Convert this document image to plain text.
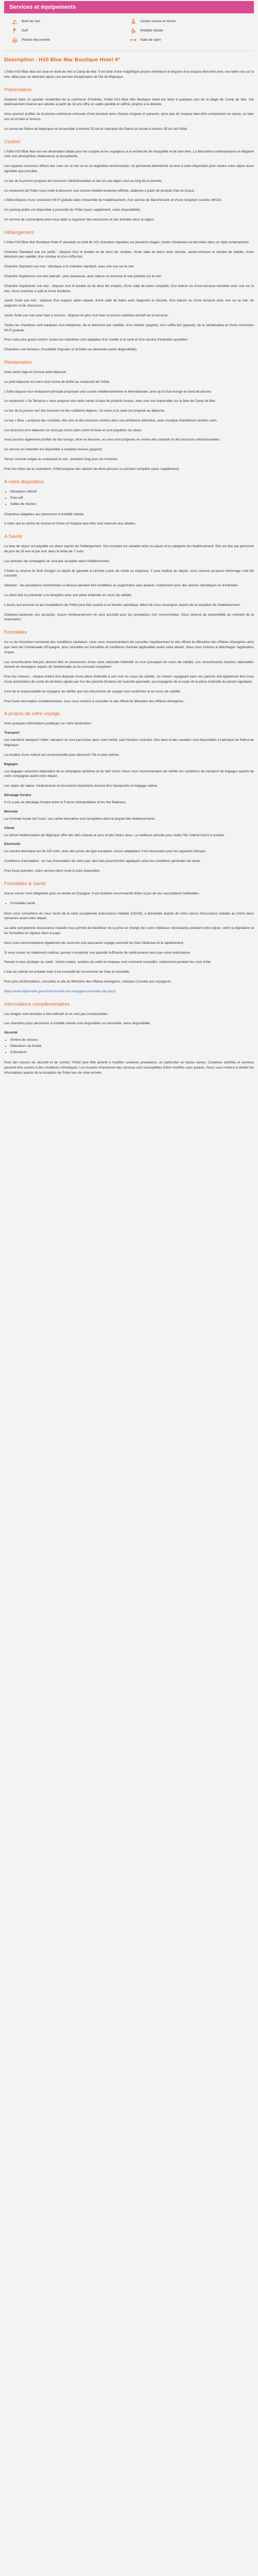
Services et équipements
Bord de mer	Centre remise en forme
Golf	Mobilité réduite
Piscine découverte	Salle de sport
Description - H10 Blue Mar Boutique Hotel 4*

L'hôtel H10 Blue Mar est situé en bord de mer à Camp de Mar. Il est doté d'une magnifique piscine extérieure et dispose d'un espace bien-être avec une belle vue sur la mer, idéal pour se détendre après une journée d'exploration de l'île de Majorque.

Présentation

Implanté dans un quartier résidentiel de la commune d'Andratx, l'hôtel H10 Blue Mar Boutique Hotel est situé à quelques pas de la plage de Camp de Mar. Cet établissement réservé aux adultes à partir de 18 ans offre un cadre paisible et raffiné, propice à la détente.

Vous pourrez profiter de la piscine extérieure entourée d'une terrasse avec chaises longues et parasols, ainsi que de l'espace bien-être comprenant un sauna, un bain turc et un bain à remous.

Le centre de Palma de Majorque est accessible à environ 25 km et l'aéroport de Palma se trouve à environ 35 km de l'hôtel.

Confort

L'hôtel H10 Blue Mar est une destination idéale pour les couples et les voyageurs à la recherche de tranquillité et de bien-être. La décoration contemporaine et élégante crée une atmosphère chaleureuse et accueillante.

Les espaces communs offrent des vues sur la mer et sur la végétation environnante. Un personnel attentionné se tient à votre disposition pour rendre votre séjour aussi agréable que possible.

Le bar de la piscine propose des boissons rafraîchissantes et des en-cas légers tout au long de la journée.

Le restaurant de l'hôtel vous invite à découvrir une cuisine méditerranéenne raffinée, élaborée à partir de produits frais et locaux.

L'hôtel dispose d'une connexion Wi-Fi gratuite dans l'ensemble de l'établissement, d'un service de blanchisserie et d'une réception ouverte 24h/24.

Un parking public est disponible à proximité de l'hôtel (avec supplément, selon disponibilité).

Un service de conciergerie peut vous aider à organiser des excursions et des activités dans la région.

Hébergement

L'hôtel H10 Blue Mar Boutique Hotel 4* possède un total de 101 chambres réparties sur plusieurs étages, toutes climatisées et décorées dans un style contemporain.

Chambre Standard vue sur jardin : dispose d'un lit double ou de deux lits simples, d'une salle de bains avec douche, sèche-cheveux et articles de toilette, d'une télévision par satellite, d'un minibar et d'un coffre-fort.

Chambre Standard vue mer : identique à la chambre standard, avec une vue sur la mer.

Chambre Supérieure vue mer latérale : plus spacieuse, avec balcon ou terrasse et vue partielle sur la mer.

Chambre Supérieure vue mer : dispose d'un lit double ou de deux lits simples, d'une salle de bains complète, d'un balcon ou d'une terrasse meublée avec vue sur la mer, d'une machine à café et d'une bouilloire.

Junior Suite vue mer : dispose d'un espace salon séparé, d'une salle de bains avec baignoire et douche, d'un balcon ou d'une terrasse avec vue sur la mer, de peignoirs et de chaussons.

Junior Suite vue mer avec bain à remous : dispose en plus d'un bain à remous extérieur privatif sur la terrasse.

Toutes les chambres sont équipées d'un téléphone, de la télévision par satellite, d'un minibar (payant), d'un coffre-fort (payant), de la climatisation et d'une connexion Wi-Fi gratuite.

Pour votre plus grand confort, toutes les chambres sont équipées d'un oreiller à la carte et d'un service d'entretien quotidien.

Chambres non-fumeurs. Possibilité d'ajouter un lit bébé sur demande (selon disponibilité).

Restauration

Vous serez logé en formule petit-déjeuner.

Le petit-déjeuner est servi sous forme de buffet au restaurant de l'hôtel.

L'hôtel dispose d'un restaurant principal proposant une cuisine méditerranéenne et internationale, ainsi qu'un bar-lounge en bord de piscine.

Le restaurant « Sa Terrassa » vous propose une carte variée à base de produits locaux, avec une vue imprenable sur la baie de Camp de Mar.

Le bar de la piscine sert des boissons et des collations légères. Un menu à la carte est proposé au déjeuner.

Le bar « Blue » propose des cocktails, des vins et des boissons variées dans une ambiance détendue, avec musique d'ambiance certains soirs.

Les boissons et le déjeuner ne sont pas inclus dans votre formule et sont payables sur place.

Vous pourrez également profiter du bar lounge, situé en terrasse, où vous sont proposés en soirée des cocktails et des boissons rafraîchissantes.

Un service en chambre est disponible à certaines heures (payant).

Tenue correcte exigée au restaurant le soir : pantalon long pour les hommes.

Pour les hôtes qui le souhaitent, l'hôtel propose des options de demi-pension ou pension complète (avec supplément).

A votre disposition
• Réception 24h/24
• Free wifi
• Salles de réunion

Chambres adaptées aux personnes à mobilité réduite.

A noter que le centre de remise en forme et l'espace bien-être sont réservés aux adultes.

A Savoir

La taxe de séjour est payable sur place auprès de l'hébergement. Son montant est variable selon la saison et la catégorie de l'établissement. Elle est due par personne de plus de 16 ans et par nuit, dans la limite de 7 nuits.

Les animaux de compagnie ne sont pas acceptés dans l'établissement.

L'hôtel se réserve le droit d'exiger un dépôt de garantie à l'arrivée (carte de crédit ou espèces). Il sera restitué au départ, sous réserve qu'aucun dommage n'ait été constaté.

Attention : les prestations mentionnées ci-dessus peuvent être modifiées ou supprimées sans préavis, notamment pour des raisons climatiques ou d'entretien.

Le client doit se présenter à la réception avec une pièce d'identité en cours de validité.

L'accès aux piscines et aux installations de l'hôtel peut être soumis à un horaire spécifique. Merci de vous renseigner auprès de la réception de l'établissement.

Chèques-vacances non acceptés. Aucun remboursement ne sera accordé pour les prestations non consommées. Sous réserve de disponibilité au moment de la réservation.

Formalités

Au vu de l'évolution constante des conditions sanitaires, nous vous recommandons de consulter régulièrement le site officiel du Ministère des Affaires étrangères ainsi que celui de l'Ambassade d'Espagne, pour connaître les formalités et conditions d'entrée applicables avant votre départ. Nous vous invitons à télécharger l'application Ariane.

Les ressortissants français doivent être en possession d'une carte nationale d'identité ou d'un passeport en cours de validité. Les ressortissants d'autres nationalités doivent se renseigner auprès de l'ambassade ou du consulat compétent.

Pour les mineurs : chaque enfant doit disposer d'une pièce d'identité à son nom en cours de validité. Un mineur voyageant sans ses parents doit également être muni d'une autorisation de sortie du territoire signée par l'un des parents titulaires de l'autorité parentale, accompagnée de la copie de la pièce d'identité du parent signataire.

Il est de la responsabilité du voyageur de vérifier que ses documents de voyage sont conformes et en cours de validité.

Pour toute information complémentaire, nous vous invitons à consulter le site officiel du Ministère des Affaires étrangères.

A propos de votre voyage

Voici quelques informations pratiques sur votre destination :

Transport

Les transferts aéroport / hôtel / aéroport ne sont pas inclus dans votre forfait, sauf mention contraire. Des taxis et des navettes sont disponibles à l'aéroport de Palma de Majorque.

La location d'une voiture est recommandée pour découvrir l'île à votre rythme.

Bagages

Les bagages autorisés dépendent de la compagnie aérienne et du tarif choisi. Nous vous recommandons de vérifier les conditions de transport de bagages auprès de votre compagnie avant votre départ.

Les objets de valeur, médicaments et documents importants doivent être transportés en bagage cabine.

Décalage horaire

Il n'y a pas de décalage horaire entre la France métropolitaine et les îles Baléares.

Monnaie

La monnaie locale est l'euro. Les cartes bancaires sont acceptées dans la plupart des établissements.

Climat

Le climat méditerranéen de Majorque offre des étés chauds et secs et des hivers doux. La meilleure période pour visiter l'île s'étend d'avril à octobre.

Electricité

Le courant électrique est de 220 volts, avec des prises de type européen. Aucun adaptateur n'est nécessaire pour les appareils français.

Conditions d'annulation : en cas d'annulation de votre part, des frais pourront être appliqués selon les conditions générales de vente.

Pour toute question, notre service client reste à votre disposition.

Formalités & Santé

Aucun vaccin n'est obligatoire pour se rendre en Espagne. Il est toutefois recommandé d'être à jour de ses vaccinations habituelles.

• Formalités santé

Nous vous conseillons de vous munir de la carte européenne d'assurance maladie (CEAM), à demander auprès de votre caisse d'assurance maladie au moins deux semaines avant votre départ.

La carte européenne d'assurance maladie vous permet de bénéficier de la prise en charge des soins médicaux nécessaires pendant votre séjour, selon la législation et les formalités en vigueur dans le pays.

Nous vous recommandons également de souscrire une assurance voyage couvrant les frais médicaux et le rapatriement.

Si vous suivez un traitement médical, pensez à emporter une quantité suffisante de médicaments ainsi que votre ordonnance.

Pensez à vous protéger du soleil : crème solaire, lunettes de soleil et chapeau sont vivement conseillés, notamment pendant les mois d'été.

L'eau du robinet est potable mais il est conseillé de consommer de l'eau en bouteille.

Pour plus d'informations, consultez le site du Ministère des Affaires étrangères, rubrique Conseils aux voyageurs.

https://www.diplomatie.gouv.fr/fr/conseils-aux-voyageurs/conseils-par-pays/

Informations complémentaires

Les images sont données à titre indicatif et ne sont pas contractuelles.

Les chambres pour personnes à mobilité réduite sont disponibles sur demande, selon disponibilité.

Sécurité
• Sorties de secours
• Détecteurs de fumée
• Extincteurs

Pour des raisons de sécurité et de confort, l'hôtel peut être amené à modifier certaines prestations, en particulier en basse saison. Certaines activités et services peuvent être soumis à des conditions climatiques. Les horaires d'ouverture des services sont susceptibles d'être modifiés sans préavis. Nous vous invitons à vérifier les informations auprès de la réception de l'hôtel lors de votre arrivée.
